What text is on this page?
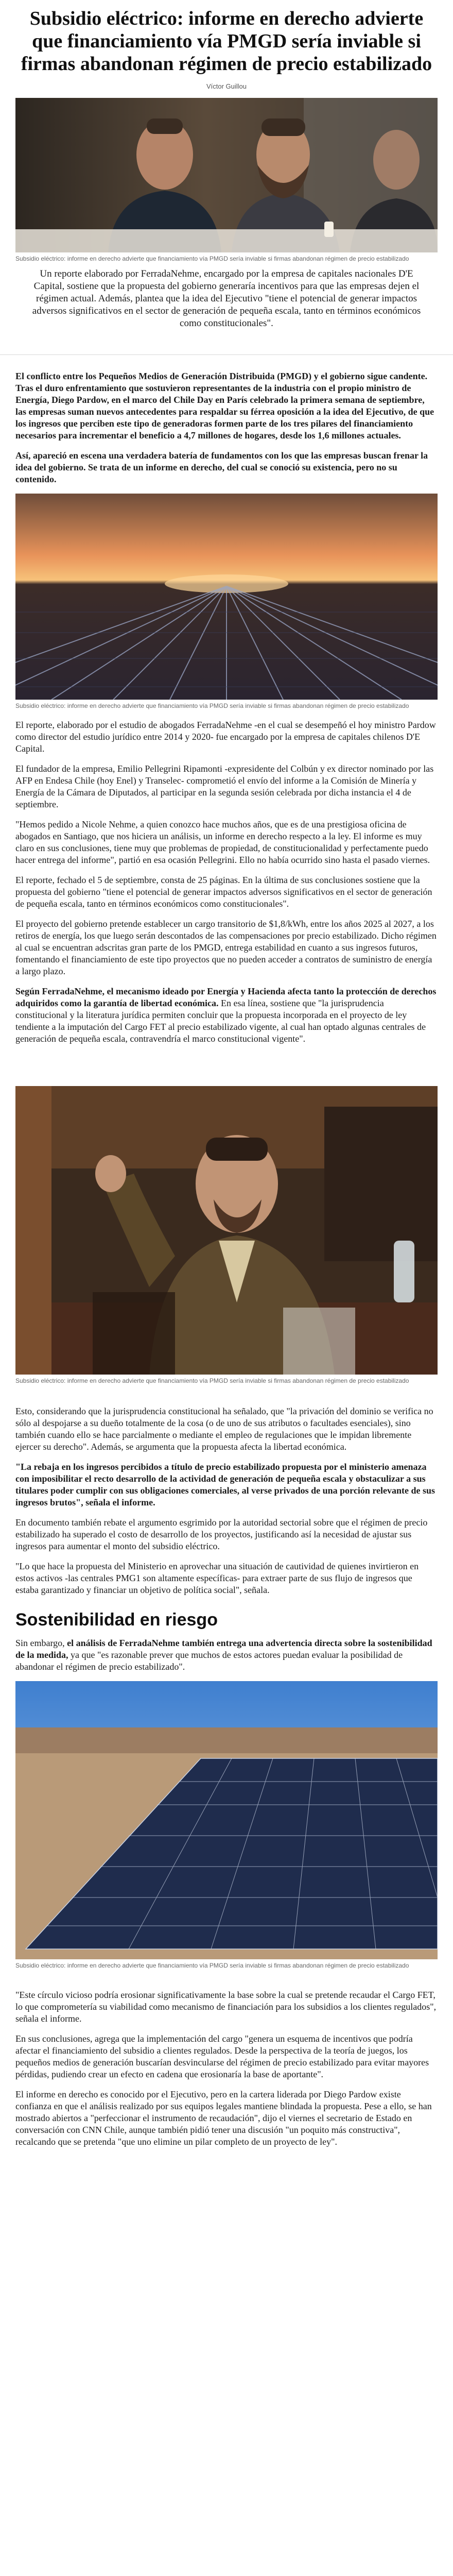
Subsidio eléctrico: informe en derecho advierte que financiamiento vía PMGD sería inviable si firmas abandonan régimen de precio estabilizado
Víctor Guillou
Subsidio eléctrico: informe en derecho advierte que financiamiento vía PMGD sería inviable si firmas abandonan régimen de precio estabilizado

Un reporte elaborado por FerradaNehme, encargado por la empresa de capitales nacionales D'E Capital, sostiene que la propuesta del gobierno generaría incentivos para que las empresas dejen el régimen actual. Además, plantea que la idea del Ejecutivo "tiene el potencial de generar impactos adversos significativos en el sector de generación de pequeña escala, tanto en términos económicos como constitucionales".

El conflicto entre los Pequeños Medios de Generación Distribuida (PMGD) y el gobierno sigue candente. Tras el duro enfrentamiento que sostuvieron representantes de la industria con el propio ministro de Energía, Diego Pardow, en el marco del Chile Day en París celebrado la primera semana de septiembre, las empresas suman nuevos antecedentes para respaldar su férrea oposición a la idea del Ejecutivo, de que los ingresos que perciben este tipo de generadoras formen parte de los tres pilares del financiamiento necesarios para incrementar el beneficio a 4,7 millones de hogares, desde los 1,6 millones actuales.

Así, apareció en escena una verdadera batería de fundamentos con los que las empresas buscan frenar la idea del gobierno. Se trata de un informe en derecho, del cual se conoció su existencia, pero no su contenido.

Subsidio eléctrico: informe en derecho advierte que financiamiento vía PMGD sería inviable si firmas abandonan régimen de precio estabilizado

El reporte, elaborado por el estudio de abogados FerradaNehme -en el cual se desempeñó el hoy ministro Pardow como director del estudio jurídico entre 2014 y 2020- fue encargado por la empresa de capitales chilenos D'E Capital.

El fundador de la empresa, Emilio Pellegrini Ripamonti -expresidente del Colbún y ex director nominado por las AFP en Endesa Chile (hoy Enel) y Transelec- comprometió el envío del informe a la Comisión de Minería y Energía de la Cámara de Diputados, al participar en la segunda sesión celebrada por dicha instancia el 4 de septiembre.

"Hemos pedido a Nicole Nehme, a quien conozco hace muchos años, que es de una prestigiosa oficina de abogados en Santiago, que nos hiciera un análisis, un informe en derecho respecto a la ley. El informe es muy claro en sus conclusiones, tiene muy que problemas de propiedad, de constitucionalidad y perfectamente puedo hacer entrega del informe", partió en esa ocasión Pellegrini. Ello no había ocurrido sino hasta el pasado viernes.

El reporte, fechado el 5 de septiembre, consta de 25 páginas. En la última de sus conclusiones sostiene que la propuesta del gobierno "tiene el potencial de generar impactos adversos significativos en el sector de generación de pequeña escala, tanto en términos económicos como constitucionales".

El proyecto del gobierno pretende establecer un cargo transitorio de $1,8/kWh, entre los años 2025 al 2027, a los retiros de energía, los que luego serán descontados de las compensaciones por precio estabilizado. Dicho régimen al cual se encuentran adscritas gran parte de los PMGD, entrega estabilidad en cuanto a sus ingresos futuros, fomentando el financiamiento de este tipo proyectos que no pueden acceder a contratos de suministro de energía a largo plazo.

Según FerradaNehme, el mecanismo ideado por Energía y Hacienda afecta tanto la protección de derechos adquiridos como la garantía de libertad económica. En esa línea, sostiene que "la jurisprudencia constitucional y la literatura jurídica permiten concluir que la propuesta incorporada en el proyecto de ley tendiente a la imputación del Cargo FET al precio estabilizado vigente, al cual han optado algunas centrales de generación de pequeña escala, contravendría el marco constitucional vigente".

Subsidio eléctrico: informe en derecho advierte que financiamiento vía PMGD sería inviable si firmas abandonan régimen de precio estabilizado

Esto, considerando que la jurisprudencia constitucional ha señalado, que "la privación del dominio se verifica no sólo al despojarse a su dueño totalmente de la cosa (o de uno de sus atributos o facultades esenciales), sino también cuando ello se hace parcialmente o mediante el empleo de regulaciones que le impidan libremente ejercer su derecho". Además, se argumenta que la propuesta afecta la libertad económica.

"La rebaja en los ingresos percibidos a título de precio estabilizado propuesta por el ministerio amenaza con imposibilitar el recto desarrollo de la actividad de generación de pequeña escala y obstaculizar a sus titulares poder cumplir con sus obligaciones comerciales, al verse privados de una porción relevante de sus ingresos brutos", señala el informe.

En documento también rebate el argumento esgrimido por la autoridad sectorial sobre que el régimen de precio estabilizado ha superado el costo de desarrollo de los proyectos, justificando así la necesidad de ajustar sus ingresos para aumentar el monto del subsidio eléctrico.

"Lo que hace la propuesta del Ministerio en aprovechar una situación de cautividad de quienes invirtieron en estos activos -las centrales PMG1 son altamente específicas- para extraer parte de sus flujo de ingresos que estaba garantizado y financiar un objetivo de política social", señala.

Sostenibilidad en riesgo

Sin embargo, el análisis de FerradaNehme también entrega una advertencia directa sobre la sostenibilidad de la medida, ya que "es razonable prever que muchos de estos actores puedan evaluar la posibilidad de abandonar el régimen de precio estabilizado".

Subsidio eléctrico: informe en derecho advierte que financiamiento vía PMGD sería inviable si firmas abandonan régimen de precio estabilizado

"Este círculo vicioso podría erosionar significativamente la base sobre la cual se pretende recaudar el Cargo FET, lo que comprometería su viabilidad como mecanismo de financiación para los subsidios a los clientes regulados", señala el informe.

En sus conclusiones, agrega que la implementación del cargo "genera un esquema de incentivos que podría afectar el financiamiento del subsidio a clientes regulados. Desde la perspectiva de la teoría de juegos, los pequeños medios de generación buscarían desvincularse del régimen de precio estabilizado para evitar mayores pérdidas, pudiendo crear un efecto en cadena que erosionaría la base de aportante".

El informe en derecho es conocido por el Ejecutivo, pero en la cartera liderada por Diego Pardow existe confianza en que el análisis realizado por sus equipos legales mantiene blindada la propuesta. Pese a ello, se han mostrado abiertos a "perfeccionar el instrumento de recaudación", dijo el viernes el secretario de Estado en conversación con CNN Chile, aunque también pidió tener una discusión "un poquito más constructiva", recalcando que se pretenda "que uno elimine un pilar completo de un proyecto de ley".
